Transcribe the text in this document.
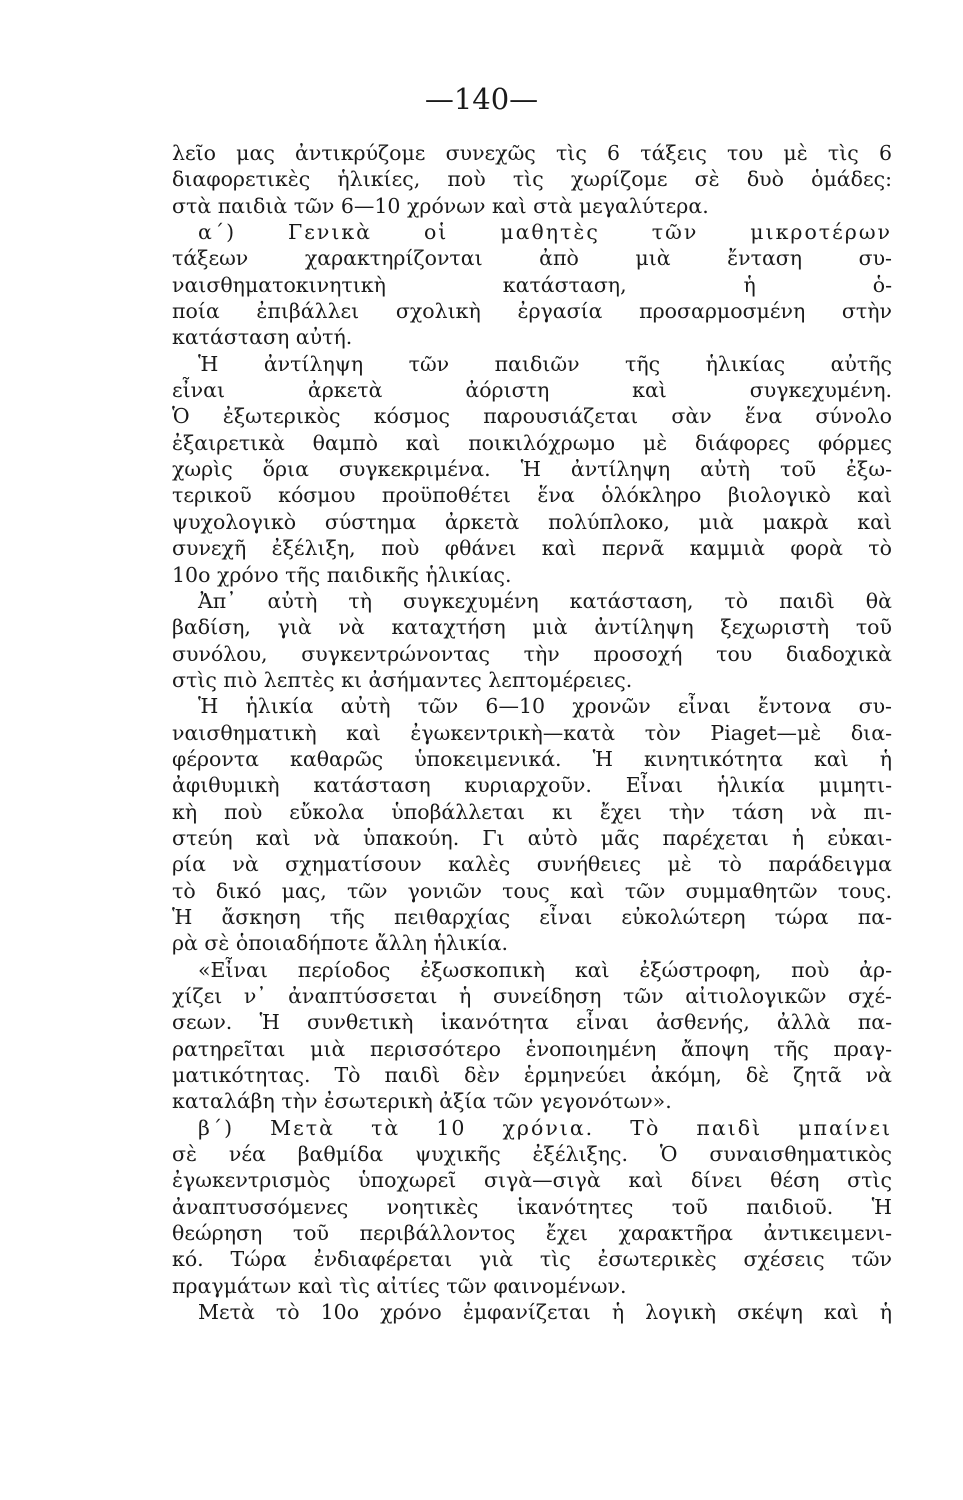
—140—
λεῖο μας ἀντικρύζομε συνεχῶς τὶς 6 τάξεις του μὲ τὶς 6
διαφορετικὲς ἡλικίες, ποὺ τὶς χωρίζομε σὲ δυὸ ὁμάδες:
στὰ παιδιὰ τῶν 6—10 χρόνων καὶ στὰ μεγαλύτερα.
α΄) Γενικὰ οἱ μαθητὲς τῶν μικροτέρων
τάξεων χαρακτηρίζονται ἀπὸ μιὰ ἔνταση συ-
ναισθηματοκινητικὴ κατάσταση, ἡ ὁ-
ποία ἐπιβάλλει σχολικὴ ἐργασία προσαρμοσμένη στὴν
κατάσταση αὐτή.
Ἡ ἀντίληψη τῶν παιδιῶν τῆς ἡλικίας αὐτῆς
εἶναι ἀρκετὰ ἀόριστη καὶ συγκεχυμένη.
Ὁ ἐξωτερικὸς κόσμος παρουσιάζεται σὰν ἕνα σύνολο
ἐξαιρετικὰ θαμπὸ καὶ ποικιλόχρωμο μὲ διάφορες φόρμες
χωρὶς ὅρια συγκεκριμένα. Ἡ ἀντίληψη αὐτὴ τοῦ ἐξω-
τερικοῦ κόσμου προϋποθέτει ἕνα ὁλόκληρο βιολογικὸ καὶ
ψυχολογικὸ σύστημα ἀρκετὰ πολύπλοκο, μιὰ μακρὰ καὶ
συνεχῆ ἐξέλιξη, ποὺ φθάνει καὶ περνᾶ καμμιὰ φορὰ τὸ
10ο χρόνο τῆς παιδικῆς ἡλικίας.
Ἀπ᾿ αὐτὴ τὴ συγκεχυμένη κατάσταση, τὸ παιδὶ θὰ
βαδίση, γιὰ νὰ καταχτήση μιὰ ἀντίληψη ξεχωριστὴ τοῦ
συνόλου, συγκεντρώνοντας τὴν προσοχή του διαδοχικὰ
στὶς πιὸ λεπτὲς κι ἀσήμαντες λεπτομέρειες.
Ἡ ἡλικία αὐτὴ τῶν 6—10 χρονῶν εἶναι ἔντονα συ-
ναισθηματικὴ καὶ ἐγωκεντρικὴ—κατὰ τὸν Piaget—μὲ δια-
φέροντα καθαρῶς ὑποκειμενικά. Ἡ κινητικότητα καὶ ἡ
ἀφιθυμικὴ κατάσταση κυριαρχοῦν. Εἶναι ἡλικία μιμητι-
κὴ ποὺ εὔκολα ὑποβάλλεται κι ἔχει τὴν τάση νὰ πι-
στεύη καὶ νὰ ὑπακούη. Γι αὐτὸ μᾶς παρέχεται ἡ εὐκαι-
ρία νὰ σχηματίσουν καλὲς συνήθειες μὲ τὸ παράδειγμα
τὸ δικό μας, τῶν γονιῶν τους καὶ τῶν συμμαθητῶν τους.
Ἡ ἄσκηση τῆς πειθαρχίας εἶναι εὐκολώτερη τώρα πα-
ρὰ σὲ ὁποιαδήποτε ἄλλη ἡλικία.
«Εἶναι περίοδος ἐξωσκοπικὴ καὶ ἐξώστροφη, ποὺ ἀρ-
χίζει ν᾿ ἀναπτύσσεται ἡ συνείδηση τῶν αἰτιολογικῶν σχέ-
σεων. Ἡ συνθετικὴ ἱκανότητα εἶναι ἀσθενής, ἀλλὰ πα-
ρατηρεῖται μιὰ περισσότερο ἑνοποιημένη ἄποψη τῆς πραγ-
ματικότητας. Τὸ παιδὶ δὲν ἑρμηνεύει ἀκόμη, δὲ ζητᾶ νὰ
καταλάβη τὴν ἐσωτερικὴ ἀξία τῶν γεγονότων».
β΄) Μετὰ τὰ 10 χρόνια. Τὸ παιδὶ μπαίνει
σὲ νέα βαθμίδα ψυχικῆς ἐξέλιξης. Ὁ συναισθηματικὸς
ἐγωκεντρισμὸς ὑποχωρεῖ σιγὰ—σιγὰ καὶ δίνει θέση στὶς
ἀναπτυσσόμενες νοητικὲς ἱκανότητες τοῦ παιδιοῦ. Ἡ
θεώρηση τοῦ περιβάλλοντος ἔχει χαρακτῆρα ἀντικειμενι-
κό. Τώρα ἐνδιαφέρεται γιὰ τὶς ἐσωτερικὲς σχέσεις τῶν
πραγμάτων καὶ τὶς αἰτίες τῶν φαινομένων.
Μετὰ τὸ 10ο χρόνο ἐμφανίζεται ἡ λογικὴ σκέψη καὶ ἡ
